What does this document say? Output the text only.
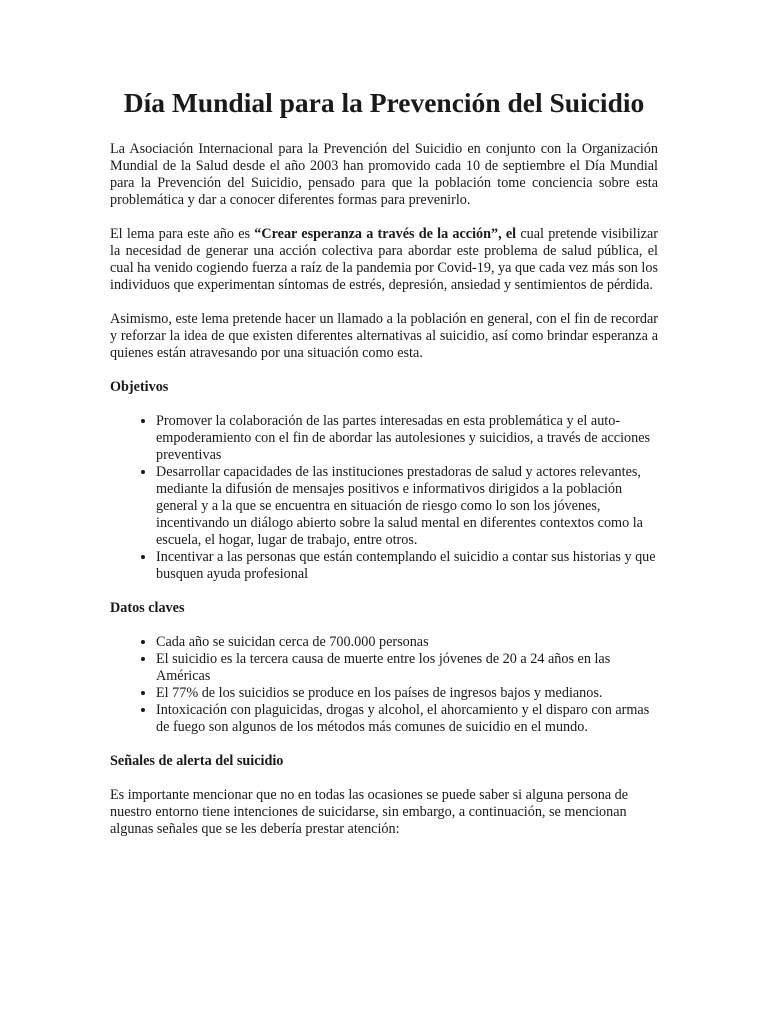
Día Mundial para la Prevención del Suicidio

La Asociación Internacional para la Prevención del Suicidio en conjunto con la Organización Mundial de la Salud desde el año 2003 han promovido cada 10 de septiembre el Día Mundial para la Prevención del Suicidio, pensado para que la población tome conciencia sobre esta problemática y dar a conocer diferentes formas para prevenirlo.

El lema para este año es “Crear esperanza a través de la acción”, el cual pretende visibilizar la necesidad de generar una acción colectiva para abordar este problema de salud pública, el cual ha venido cogiendo fuerza a raíz de la pandemia por Covid-19, ya que cada vez más son los individuos que experimentan síntomas de estrés, depresión, ansiedad y sentimientos de pérdida.

Asimismo, este lema pretende hacer un llamado a la población en general, con el fin de recordar y reforzar la idea de que existen diferentes alternativas al suicidio, así como brindar esperanza a quienes están atravesando por una situación como esta.

Objetivos
• Promover la colaboración de las partes interesadas en esta problemática y el auto- empoderamiento con el fin de abordar las autolesiones y suicidios, a través de acciones preventivas
• Desarrollar capacidades de las instituciones prestadoras de salud y actores relevantes, mediante la difusión de mensajes positivos e informativos dirigidos a la población general y a la que se encuentra en situación de riesgo como lo son los jóvenes, incentivando un diálogo abierto sobre la salud mental en diferentes contextos como la escuela, el hogar, lugar de trabajo, entre otros.
• Incentivar a las personas que están contemplando el suicidio a contar sus historias y que busquen ayuda profesional
Datos claves
• Cada año se suicidan cerca de 700.000 personas
• El suicidio es la tercera causa de muerte entre los jóvenes de 20 a 24 años en las Américas
• El 77% de los suicidios se produce en los países de ingresos bajos y medianos.
• Intoxicación con plaguicidas, drogas y alcohol, el ahorcamiento y el disparo con armas de fuego son algunos de los métodos más comunes de suicidio en el mundo.
Señales de alerta del suicidio

Es importante mencionar que no en todas las ocasiones se puede saber si alguna persona de nuestro entorno tiene intenciones de suicidarse, sin embargo, a continuación, se mencionan algunas señales que se les debería prestar atención:
